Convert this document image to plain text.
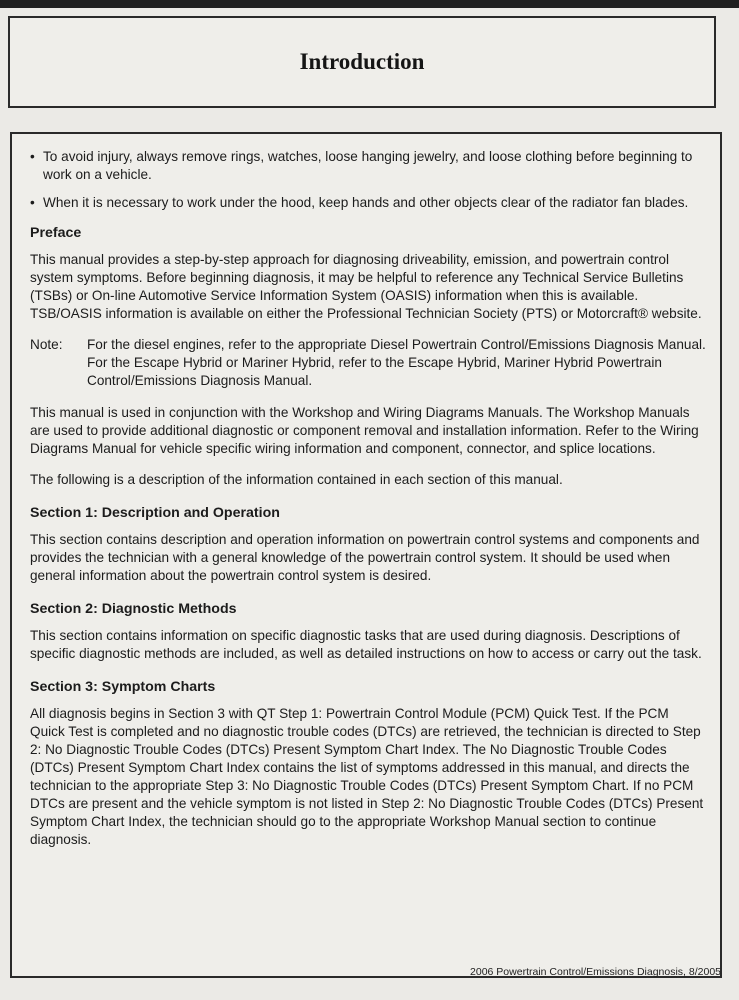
Introduction
• To avoid injury, always remove rings, watches, loose hanging jewelry, and loose clothing before beginning to work on a vehicle.
• When it is necessary to work under the hood, keep hands and other objects clear of the radiator fan blades.
Preface

This manual provides a step-by-step approach for diagnosing driveability, emission, and powertrain control system symptoms. Before beginning diagnosis, it may be helpful to reference any Technical Service Bulletins (TSBs) or On-line Automotive Service Information System (OASIS) information when this is available. TSB/OASIS information is available on either the Professional Technician Society (PTS) or Motorcraft® website.

Note:	For the diesel engines, refer to the appropriate Diesel Powertrain Control/Emissions Diagnosis Manual. For the Escape Hybrid or Mariner Hybrid, refer to the Escape Hybrid, Mariner Hybrid Powertrain Control/Emissions Diagnosis Manual.

This manual is used in conjunction with the Workshop and Wiring Diagrams Manuals. The Workshop Manuals are used to provide additional diagnostic or component removal and installation information. Refer to the Wiring Diagrams Manual for vehicle specific wiring information and component, connector, and splice locations.

The following is a description of the information contained in each section of this manual.

Section 1: Description and Operation

This section contains description and operation information on powertrain control systems and components and provides the technician with a general knowledge of the powertrain control system. It should be used when general information about the powertrain control system is desired.

Section 2: Diagnostic Methods

This section contains information on specific diagnostic tasks that are used during diagnosis. Descriptions of specific diagnostic methods are included, as well as detailed instructions on how to access or carry out the task.

Section 3: Symptom Charts

All diagnosis begins in Section 3 with QT Step 1: Powertrain Control Module (PCM) Quick Test. If the PCM Quick Test is completed and no diagnostic trouble codes (DTCs) are retrieved, the technician is directed to Step 2: No Diagnostic Trouble Codes (DTCs) Present Symptom Chart Index. The No Diagnostic Trouble Codes (DTCs) Present Symptom Chart Index contains the list of symptoms addressed in this manual, and directs the technician to the appropriate Step 3: No Diagnostic Trouble Codes (DTCs) Present Symptom Chart. If no PCM DTCs are present and the vehicle symptom is not listed in Step 2: No Diagnostic Trouble Codes (DTCs) Present Symptom Chart Index, the technician should go to the appropriate Workshop Manual section to continue diagnosis.

2006 Powertrain Control/Emissions Diagnosis, 8/2005
